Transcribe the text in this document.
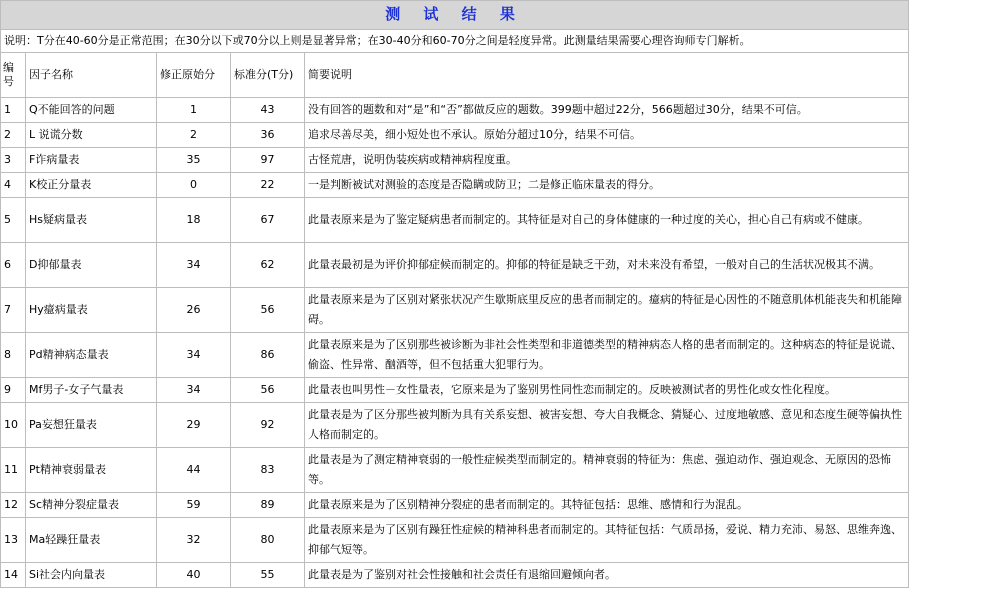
测 试 结 果				
说明：T分在40-60分是正常范围；在30分以下或70分以上则是显著异常；在30-40分和60-70分之间是轻度异常。此测量结果需要心理咨询师专门解析。				
编号	因子名称	修正原始分	标准分(T分)	简要说明
1	Q不能回答的问题	1	43	没有回答的题数和对“是”和“否”都做反应的题数。399题中超过22分，566题超过30分，结果不可信。
2	L 说谎分数	2	36	追求尽善尽美，细小短处也不承认。原始分超过10分，结果不可信。
3	F诈病量表	35	97	古怪荒唐，说明伪装疾病或精神病程度重。
4	K校正分量表	0	22	一是判断被试对测验的态度是否隐瞒或防卫；二是修正临床量表的得分。
5	Hs疑病量表	18	67	此量表原来是为了鉴定疑病患者而制定的。其特征是对自己的身体健康的一种过度的关心，担心自己有病或不健康。
6	D抑郁量表	34	62	此量表最初是为评价抑郁症候而制定的。抑郁的特征是缺乏干劲，对未来没有希望，一般对自己的生活状况极其不满。
7	Hy癔病量表	26	56	此量表原来是为了区别对紧张状况产生歇斯底里反应的患者而制定的。癔病的特征是心因性的不随意肌体机能丧失和机能障碍。
8	Pd精神病态量表	34	86	此量表原来是为了区别那些被诊断为非社会性类型和非道德类型的精神病态人格的患者而制定的。这种病态的特征是说谎、偷盗、性异常、酗酒等，但不包括重大犯罪行为。
9	Mf男子-女子气量表	34	56	此量表也叫男性－女性量表，它原来是为了鉴别男性同性恋而制定的。反映被测试者的男性化或女性化程度。
10	Pa妄想狂量表	29	92	此量表是为了区分那些被判断为具有关系妄想、被害妄想、夸大自我概念、猜疑心、过度地敏感、意见和态度生硬等偏执性人格而制定的。
11	Pt精神衰弱量表	44	83	此量表是为了测定精神衰弱的一般性症候类型而制定的。精神衰弱的特征为：焦虑、强迫动作、强迫观念、无原因的恐怖等。
12	Sc精神分裂症量表	59	89	此量表原来是为了区别精神分裂症的患者而制定的。其特征包括：思维、感情和行为混乱。
13	Ma轻躁狂量表	32	80	此量表原来是为了区别有躁狂性症候的精神科患者而制定的。其特征包括：气质昂扬，爱说、精力充沛、易怒、思维奔逸、抑郁气短等。
14	Si社会内向量表	40	55	此量表是为了鉴别对社会性接触和社会责任有退缩回避倾向者。
